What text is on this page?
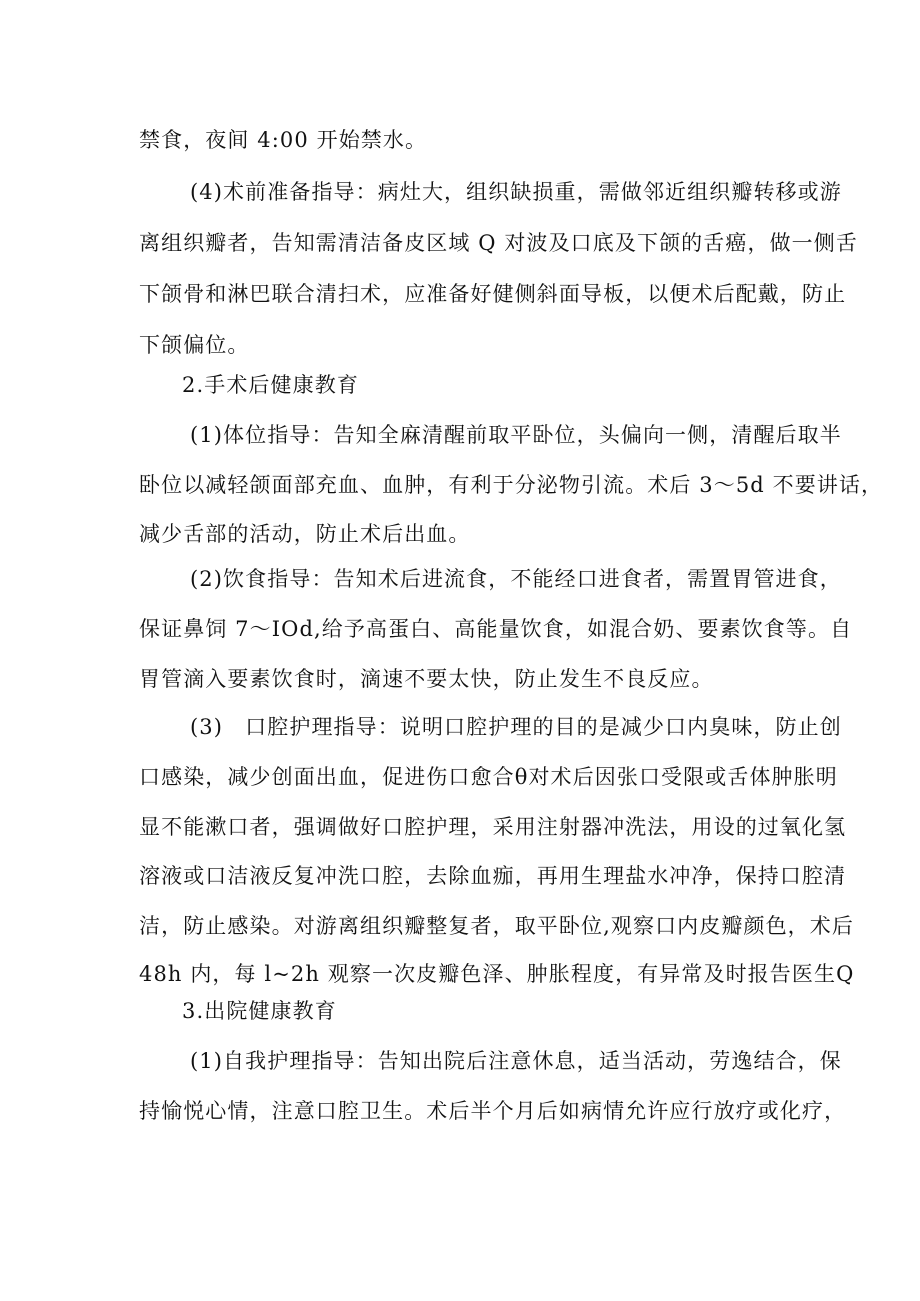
禁食，夜间 4:00 开始禁水。
(4)术前准备指导：病灶大，组织缺损重，需做邻近组织瓣转移或游
离组织瓣者，告知需清洁备皮区域 Q 对波及口底及下颌的舌癌，做一侧舌
下颌骨和淋巴联合清扫术，应准备好健侧斜面导板，以便术后配戴，防止
下颌偏位。
2.手术后健康教育
(1)体位指导：告知全麻清醒前取平卧位，头偏向一侧，清醒后取半
卧位以减轻颌面部充血、血肿，有利于分泌物引流。术后 3～5d 不要讲话，
减少舌部的活动，防止术后出血。
(2)饮食指导：告知术后进流食，不能经口进食者，需置胃管进食，
保证鼻饲 7～IOd,给予高蛋白、高能量饮食，如混合奶、要素饮食等。自
胃管滴入要素饮食时，滴速不要太快，防止发生不良反应。
(3)　口腔护理指导：说明口腔护理的目的是减少口内臭味，防止创
口感染，减少创面出血，促进伤口愈合θ对术后因张口受限或舌体肿胀明
显不能漱口者，强调做好口腔护理，采用注射器冲洗法，用设的过氧化氢
溶液或口洁液反复冲洗口腔，去除血痂，再用生理盐水冲净，保持口腔清
洁，防止感染。对游离组织瓣整复者，取平卧位,观察口内皮瓣颜色，术后
48h 内，每 l~2h 观察一次皮瓣色泽、肿胀程度，有异常及时报告医生Q
3.出院健康教育
(1)自我护理指导：告知出院后注意休息，适当活动，劳逸结合，保
持愉悦心情，注意口腔卫生。术后半个月后如病情允许应行放疗或化疗，
